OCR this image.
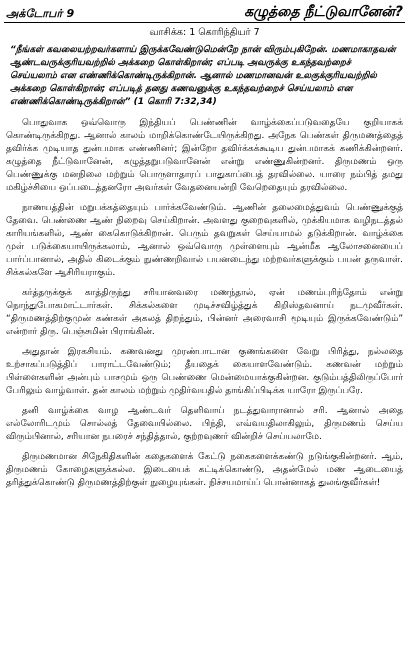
அக்டோபர் 9	கழுத்தை நீட்டுவானேன்?
வாசிக்க: 1 கொரிந்தியர் 7
“நீங்கள் கவலையற்றவர்களாய் இருக்கவேண்டுமென்றே நான் விரும்புகிறேன். மணமாகாதவன் ஆண்டவருக்குரியவற்றில் அக்கறை கொள்கிறான்; எப்படி அவருக்கு உகந்தவற்றைச் செய்யலாம் என எண்ணிக்கொண்டிருக்கிறான். ஆனால் மணமானவன் உலகுக்குரியவற்றில் அக்கறை கொள்கிறான்; எப்படித் தனது கணவனுக்கு உகந்தவற்றைச் செய்யலாம் என எண்ணிக்கொண்டிருக்கிறான்” (1 கொரி 7:32,34)

பொதுவாக ஒவ்வொரு இந்தியப் பெண்ணின் வாழ்க்கைப்படுவதையே குறியாகக் கொண்டிருக்கிறது. ஆனால் காலம் மாறிக்கொண்டேயிருக்கிறது. அநேக பெண்கள் திருமணத்தைத் தவிர்க்க முடியாத துன்பமாக எண்ணினர்; இன்றோ தவிர்க்கக்கூடிய துன்பமாகக் கணிக்கின்றனர். கழுத்தை நீட்டுவானேன், கழுத்தறுபடுவானேன் என்று எண்ணுகின்றனர். திருமணம் ஒரு பெண்ணுக்கு மனநிலை மற்றும் பொருளாதாரப் பாதுகாப்பைத் தரவில்லை. யாரை நம்பித் தமது மகிழ்ச்சியை ஒப்படைத்தனரோ அவர்கள் வேதனையன்றி வேறெதையும் தரவில்லை.

நாணயத்தின் மறுபக்கத்தையும் பார்க்கவேண்டும். ஆணின் தலைமைத்துவம் பெண்ணுக்குத் தேவை. பெண்ணை ஆண் நிறைவு செய்கிறான். அவளது குறைவுகளில், முக்கியமாக வழிநடத்தல் காரியங்களில், ஆண் கைகொடுக்கிறான். பெரும் தவறுகள் செய்யாமல் தடுக்கிறான். வாழ்க்கை முள் படுக்கையாயிருக்கலாம், ஆனால் ஒவ்வொரு முள்ளையும் ஆன்மீக ஆலோசனையைப் பார்ப்பானால், அதில் கிடைக்கும் நுண்ணறிவால் பயனடைந்து மற்றவர்களுக்கும் பயன் தருவாள். சிக்கல்களே ஆசிரியராகும்.

கர்த்தருக்குக் காத்திருந்து சரியானவரை மணந்தால், ஏன் மணம்புரிந்தோம் என்று நொந்துபோகமாட்டார்கள். சிக்கல்களை முடிச்சவிழ்த்துக் கிறிஸ்தவனாய் நடமுவீர்கள். “திருமணத்திற்குமுன் கண்கள் அகலத் திறந்தும், பின்னர் அரைவாசி மூடியும் இருக்கவேண்டும்” என்றார் திரு. பெஞ்சமின் பிராங்கின்.

அதுதான் இரகசியம். கணவனது முரண்பாடான குணங்களை வேறு பிரித்து, நல்லதை உற்சாகப்படுத்திப் பாராட்டவேண்டும்; தீயதைக் கையாளவேண்டும். கணவன் மற்றும் பிள்ளைகளின் அன்பும் பாசமும் ஒரு பெண்ணை மென்மையாக்குகின்றன. குடும்பத்திலிருப்போர் பேரிலும் வாழ்வாள். தன் காலம் மற்றும் முதிர்வயதில் தாங்கிப்பிடிக்க யாரோ இருப்பரே.

தனி வாழ்க்கை வாழ ஆண்டவர் தெளிவாய் நடத்துவாரானால் சரி. ஆனால் அதை எல்லோரிடமும் சொல்லத் தேவையில்லை. பிந்தி, எவ்வயதிலாகிலும், திருமணம் செய்ய விரும்பினால், சரியான நபரைச் சந்தித்தால், குற்றவுணர் வின்றிச் செய்யலாமே.

திருமணமான சிநேகிதிகளின் கதைகளைக் கேட்டு நகைகளைக்கண்டு நடுங்குகின்றனர். ஆம், திருமணம் கோழைகளுக்கல்ல. இடையைக் கட்டிக்கொண்டு, அதன்மேல் மண ஆடையைத் தரித்துக்கொண்டு திருமணத்திற்குள் நுழையுங்கள். நிச்சயமாய்ப் பொன்னாகத் துலங்குவீர்கள்!
